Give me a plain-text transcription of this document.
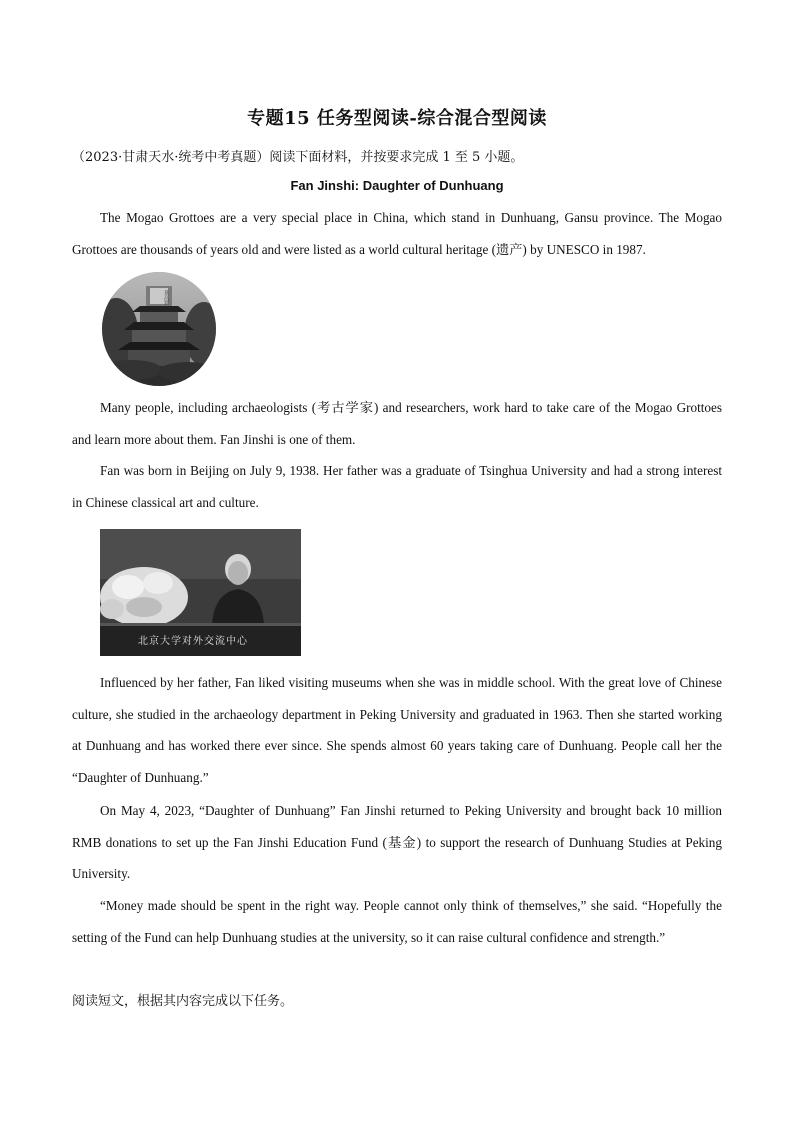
专题15 任务型阅读-综合混合型阅读
（2023·甘肃天水·统考中考真题）阅读下面材料，并按要求完成 1 至 5 小题。
Fan Jinshi: Daughter of Dunhuang
The Mogao Grottoes are a very special place in China, which stand in Dunhuang, Gansu province. The Mogao Grottoes are thousands of years old and were listed as a world cultural heritage (遗产) by UNESCO in 1987.
莫高窟
Many people, including archaeologists (考古学家) and researchers, work hard to take care of the Mogao Grottoes and learn more about them. Fan Jinshi is one of them.
Fan was born in Beijing on July 9, 1938. Her father was a graduate of Tsinghua University and had a strong interest in Chinese classical art and culture.
北京大学对外交流中心
Influenced by her father, Fan liked visiting museums when she was in middle school. With the great love of Chinese culture, she studied in the archaeology department in Peking University and graduated in 1963. Then she started working at Dunhuang and has worked there ever since. She spends almost 60 years taking care of Dunhuang. People call her the “Daughter of Dunhuang.”
On May 4, 2023, “Daughter of Dunhuang” Fan Jinshi returned to Peking University and brought back 10 million RMB donations to set up the Fan Jinshi Education Fund (基金) to support the research of Dunhuang Studies at Peking University.
“Money made should be spent in the right way. People cannot only think of themselves,” she said. “Hopefully the setting of the Fund can help Dunhuang studies at the university, so it can raise cultural confidence and strength.”
阅读短文，根据其内容完成以下任务。
